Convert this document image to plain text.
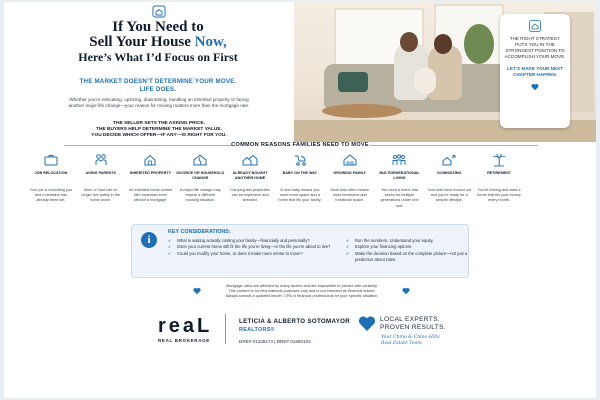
If You Need to
Sell Your House Now,
Here’s What I’d Focus on First
THE MARKET DOESN’T DETERMINE YOUR MOVE.
LIFE DOES.
Whether you’re relocating, upsizing, downsizing, handling an inherited property or facing another major life change—your reason for moving matters more than the mortgage rate.
THE SELLER SETS THE ASKING PRICE.
THE BUYERS HELP DETERMINE THE MARKET VALUE.
YOU DECIDE WHICH OFFER—IF ANY—IS RIGHT FOR YOU.
THE RIGHT STRATEGY PUTS YOU IN THE STRONGEST POSITION TO ACCOMPLISH YOUR MOVE.
LET’S MAKE YOUR NEXT CHAPTER HAPPEN.
COMMON REASONS FAMILIES NEED TO MOVE
JOB RELOCATION
Your job is relocating you and a deadline has already been set.
AGING PARENTS
Mom or Dad can no longer live safely in the home alone.
INHERITED PROPERTY
An inherited home comes with expenses even without a mortgage.
DIVORCE OR HOUSEHOLD CHANGE
A major life change may require a different housing situation.
ALREADY BOUGHT ANOTHER HOME
Carrying two properties can be expensive and stressful.
BABY ON THE WAY
A new baby means you need more space and a home that fits your family.
GROWING FAMILY
More kids often means more bedrooms and functional space.
MULTIGENERATIONAL LIVING
You need a home that works for multiple generations under one roof.
DOWNSIZING
Your kids have moved out and you’re ready for a simpler lifestyle.
RETIREMENT
You’re retiring and want a home that fits your money every month.
i
KEY CONSIDERATIONS:
✓ What is waiting actually costing your family—financially and personally?
✓ Does your current home still fit the life you’re living—or the life you’re about to live?
✓ Could you modify your home, or does it make more sense to move?
✓ Run the numbers. Understand your equity.
✓ Explore your financing options.
✓ Make the decision based on the complete picture—not just a prediction about rates.
Mortgage rates are affected by many factors and are impossible to predict with certainty.
This content is for informational purposes only and is not intended as financial advice.
Always consult a qualified lender, CPA or financial professional for your specific situation.
reaL
REAL BROKERAGE
LETICIA & ALBERTO SOTOMAYOR
REALTORS®
DRE# 01338174 | DRE# 01860102
LOCAL EXPERTS.
PROVEN RESULTS.
Your Chino & Chino Hills
Real Estate Team.
